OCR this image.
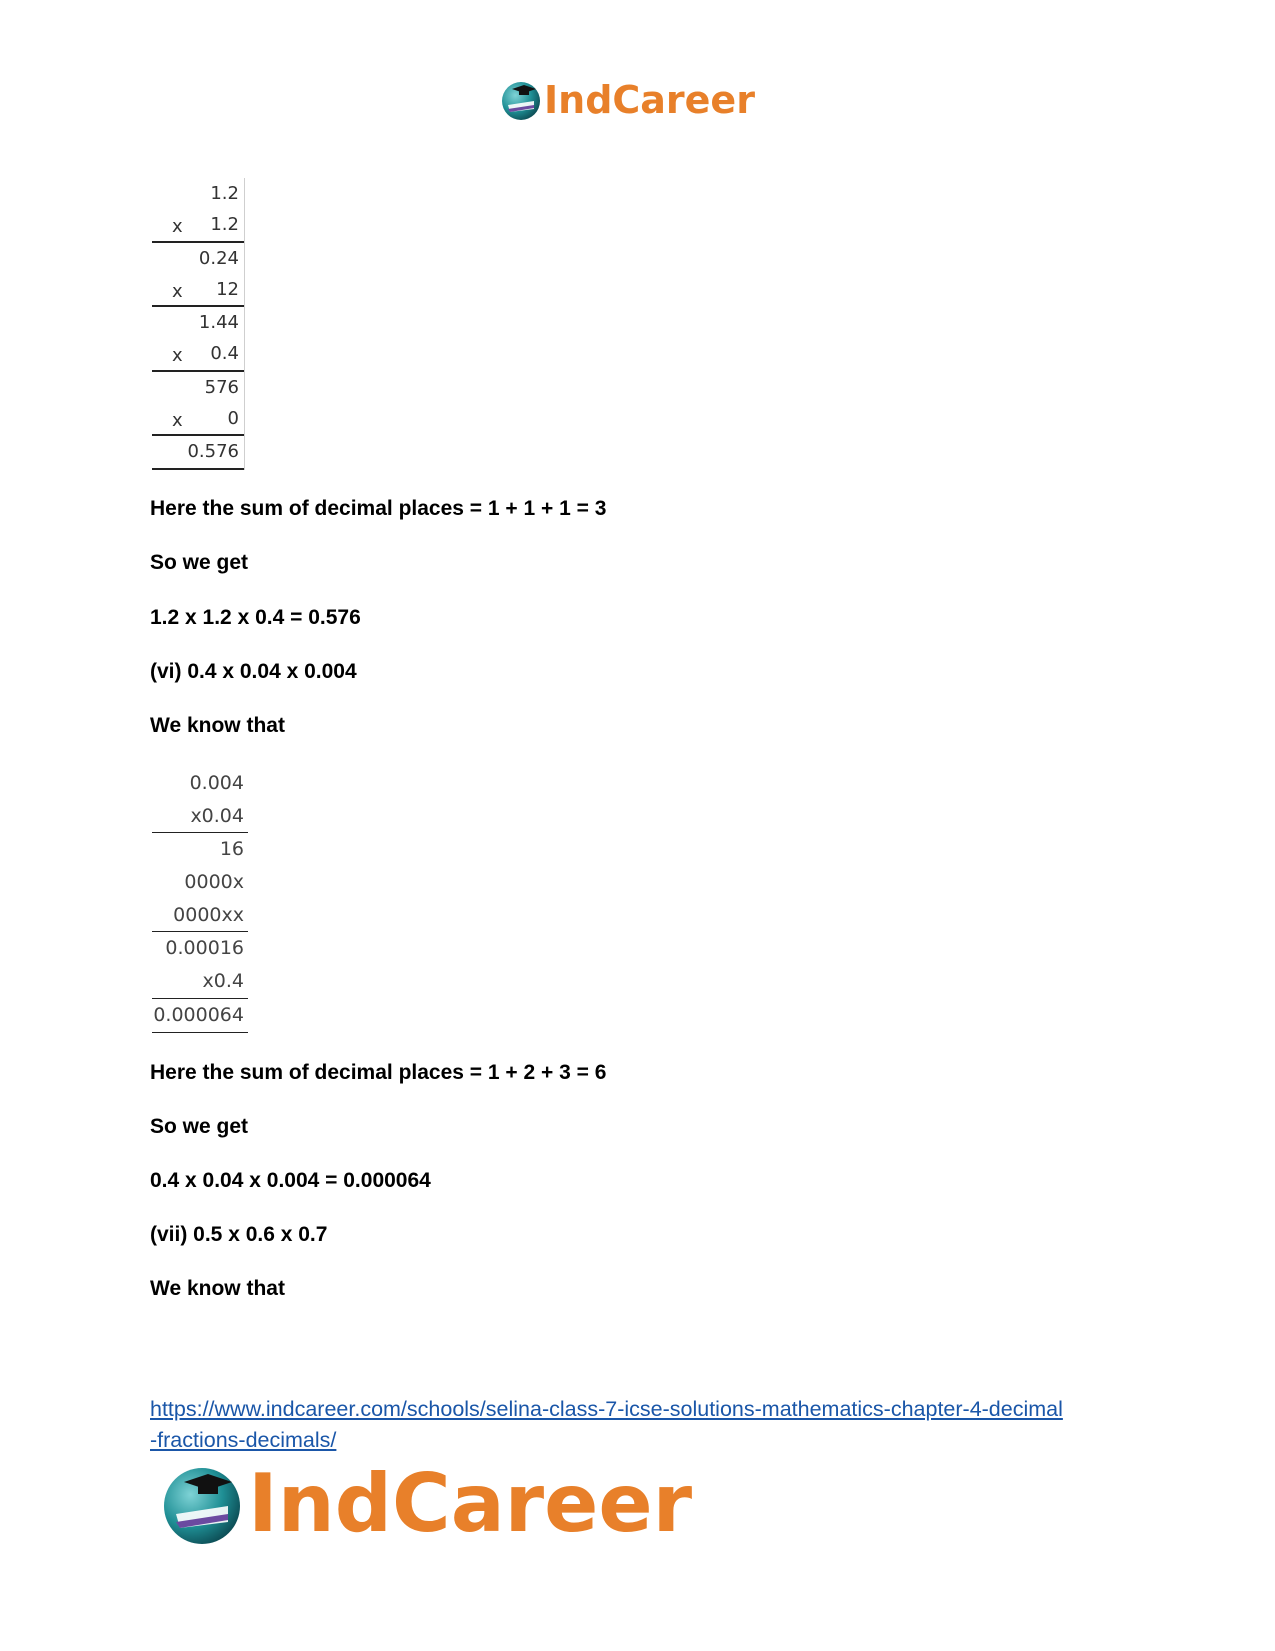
IndCareer
1.2
x 1.2
0.24
x 12
1.44
x 0.4
576
x 0
0.576

Here the sum of decimal places = 1 + 1 + 1 = 3

So we get

1.2 x 1.2 x 0.4 = 0.576

(vi) 0.4 x 0.04 x 0.004

We know that

0.004
x0.04
16
0000x
0000xx
0.00016
x0.4
0.000064

Here the sum of decimal places = 1 + 2 + 3 = 6

So we get

0.4 x 0.04 x 0.004 = 0.000064

(vii) 0.5 x 0.6 x 0.7

We know that

https://www.indcareer.com/schools/selina-class-7-icse-solutions-mathematics-chapter-4-decimal
-fractions-decimals/
IndCareer
